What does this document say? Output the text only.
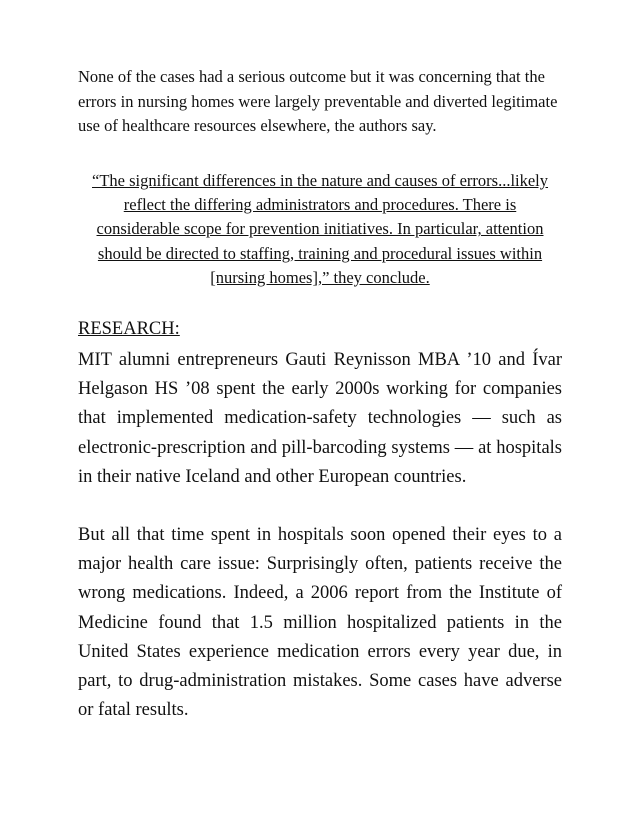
None of the cases had a serious outcome but it was concerning that the errors in nursing homes were largely preventable and diverted legitimate use of healthcare resources elsewhere, the authors say.

“The significant differences in the nature and causes of errors...likely reflect the differing administrators and procedures. There is considerable scope for prevention initiatives. In particular, attention should be directed to staffing, training and procedural issues within [nursing homes],” they conclude.

RESEARCH:

MIT alumni entrepreneurs Gauti Reynisson MBA ’10 and Ívar Helgason HS ’08 spent the early 2000s working for companies that implemented medication-safety technologies — such as electronic-prescription and pill-barcoding systems — at hospitals in their native Iceland and other European countries.

But all that time spent in hospitals soon opened their eyes to a major health care issue: Surprisingly often, patients receive the wrong medications. Indeed, a 2006 report from the Institute of Medicine found that 1.5 million hospitalized patients in the United States experience medication errors every year due, in part, to drug-administration mistakes. Some cases have adverse or fatal results.
